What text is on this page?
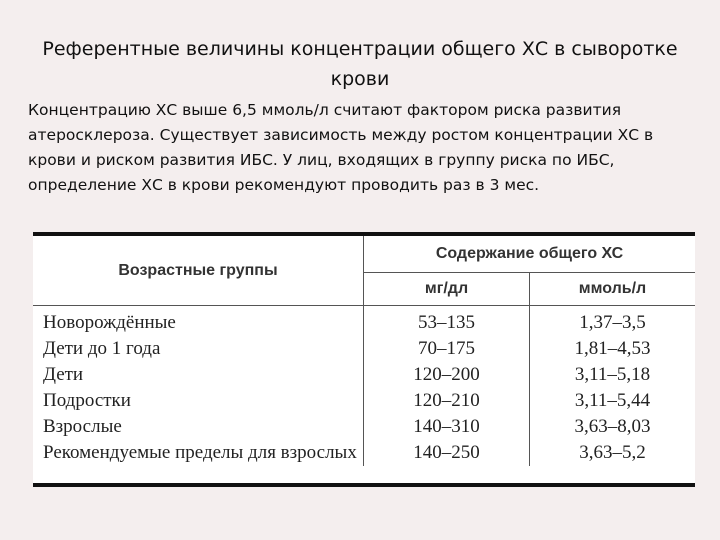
Референтные величины концентрации общего ХС в сыворотке крови
Концентрацию ХС выше 6,5 ммоль/л считают фактором риска развития атеросклероза. Существует зависимость между ростом концентрации ХС в крови и риском развития ИБС. У лиц, входящих в группу риска по ИБС, определение ХС в крови рекомендуют проводить раз в 3 мес.
Возрастные группы	Содержание общего ХС	
	мг/дл	ммоль/л
Новорождённые	53–135	1,37–3,5
Дети до 1 года	70–175	1,81–4,53
Дети	120–200	3,11–5,18
Подростки	120–210	3,11–5,44
Взрослые	140–310	3,63–8,03
Рекомендуемые пределы для взрослых	140–250	3,63–5,2
